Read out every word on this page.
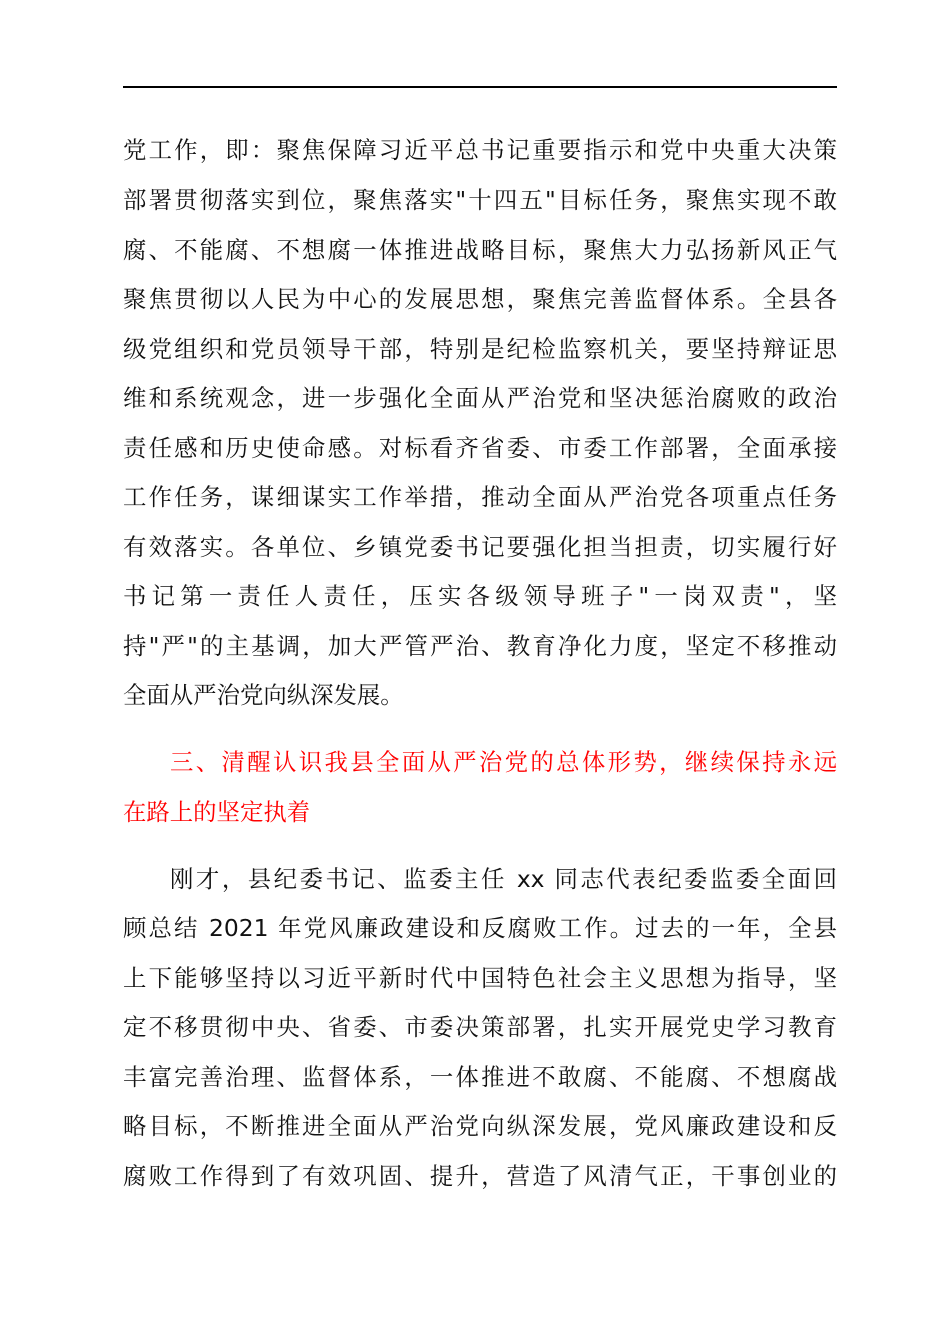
党工作，即：聚焦保障习近平总书记重要指示和党中央重大决策
部署贯彻落实到位，聚焦落实"十四五"目标任务，聚焦实现不敢
腐、不能腐、不想腐一体推进战略目标，聚焦大力弘扬新风正气
聚焦贯彻以人民为中心的发展思想，聚焦完善监督体系。全县各
级党组织和党员领导干部，特别是纪检监察机关，要坚持辩证思
维和系统观念，进一步强化全面从严治党和坚决惩治腐败的政治
责任感和历史使命感。对标看齐省委、市委工作部署，全面承接
工作任务，谋细谋实工作举措，推动全面从严治党各项重点任务
有效落实。各单位、乡镇党委书记要强化担当担责，切实履行好
书记第一责任人责任，压实各级领导班子"一岗双责"，坚
持"严"的主基调，加大严管严治、教育净化力度，坚定不移推动
全面从严治党向纵深发展。
三、清醒认识我县全面从严治党的总体形势，继续保持永远
在路上的坚定执着
刚才，县纪委书记、监委主任 xx 同志代表纪委监委全面回
顾总结 2021 年党风廉政建设和反腐败工作。过去的一年，全县
上下能够坚持以习近平新时代中国特色社会主义思想为指导，坚
定不移贯彻中央、省委、市委决策部署，扎实开展党史学习教育
丰富完善治理、监督体系，一体推进不敢腐、不能腐、不想腐战
略目标，不断推进全面从严治党向纵深发展，党风廉政建设和反
腐败工作得到了有效巩固、提升，营造了风清气正，干事创业的
